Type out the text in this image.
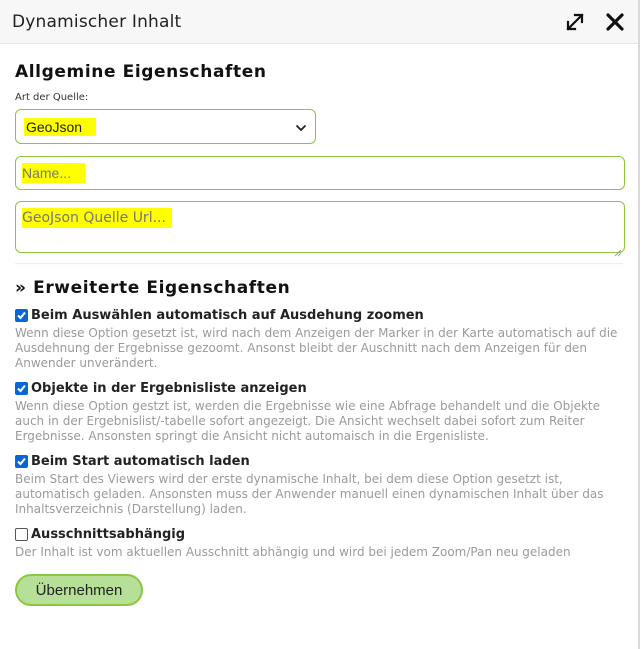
Dynamischer Inhalt
Allgemine Eigenschaften
Art der Quelle:
GeoJson
Name...
GeoJson Quelle Url...
» Erweiterte Eigenschaften
Beim Auswählen automatisch auf Ausdehung zoomen
Wenn diese Option gesetzt ist, wird nach dem Anzeigen der Marker in der Karte automatisch auf die Ausdehnung der Ergebnisse gezoomt. Ansonst bleibt der Auschnitt nach dem Anzeigen für den Anwender unverändert.
Objekte in der Ergebnisliste anzeigen
Wenn diese Option gestzt ist, werden die Ergebnisse wie eine Abfrage behandelt und die Objekte auch in der Ergebnislist/-tabelle sofort angezeigt. Die Ansicht wechselt dabei sofort zum Reiter Ergebnisse. Ansonsten springt die Ansicht nicht automaisch in die Ergenisliste.
Beim Start automatisch laden
Beim Start des Viewers wird der erste dynamische Inhalt, bei dem diese Option gesetzt ist, automatisch geladen. Ansonsten muss der Anwender manuell einen dynamischen Inhalt über das Inhaltsverzeichnis (Darstellung) laden.
Ausschnittsabhängig
Der Inhalt ist vom aktuellen Ausschnitt abhängig und wird bei jedem Zoom/Pan neu geladen
Übernehmen
